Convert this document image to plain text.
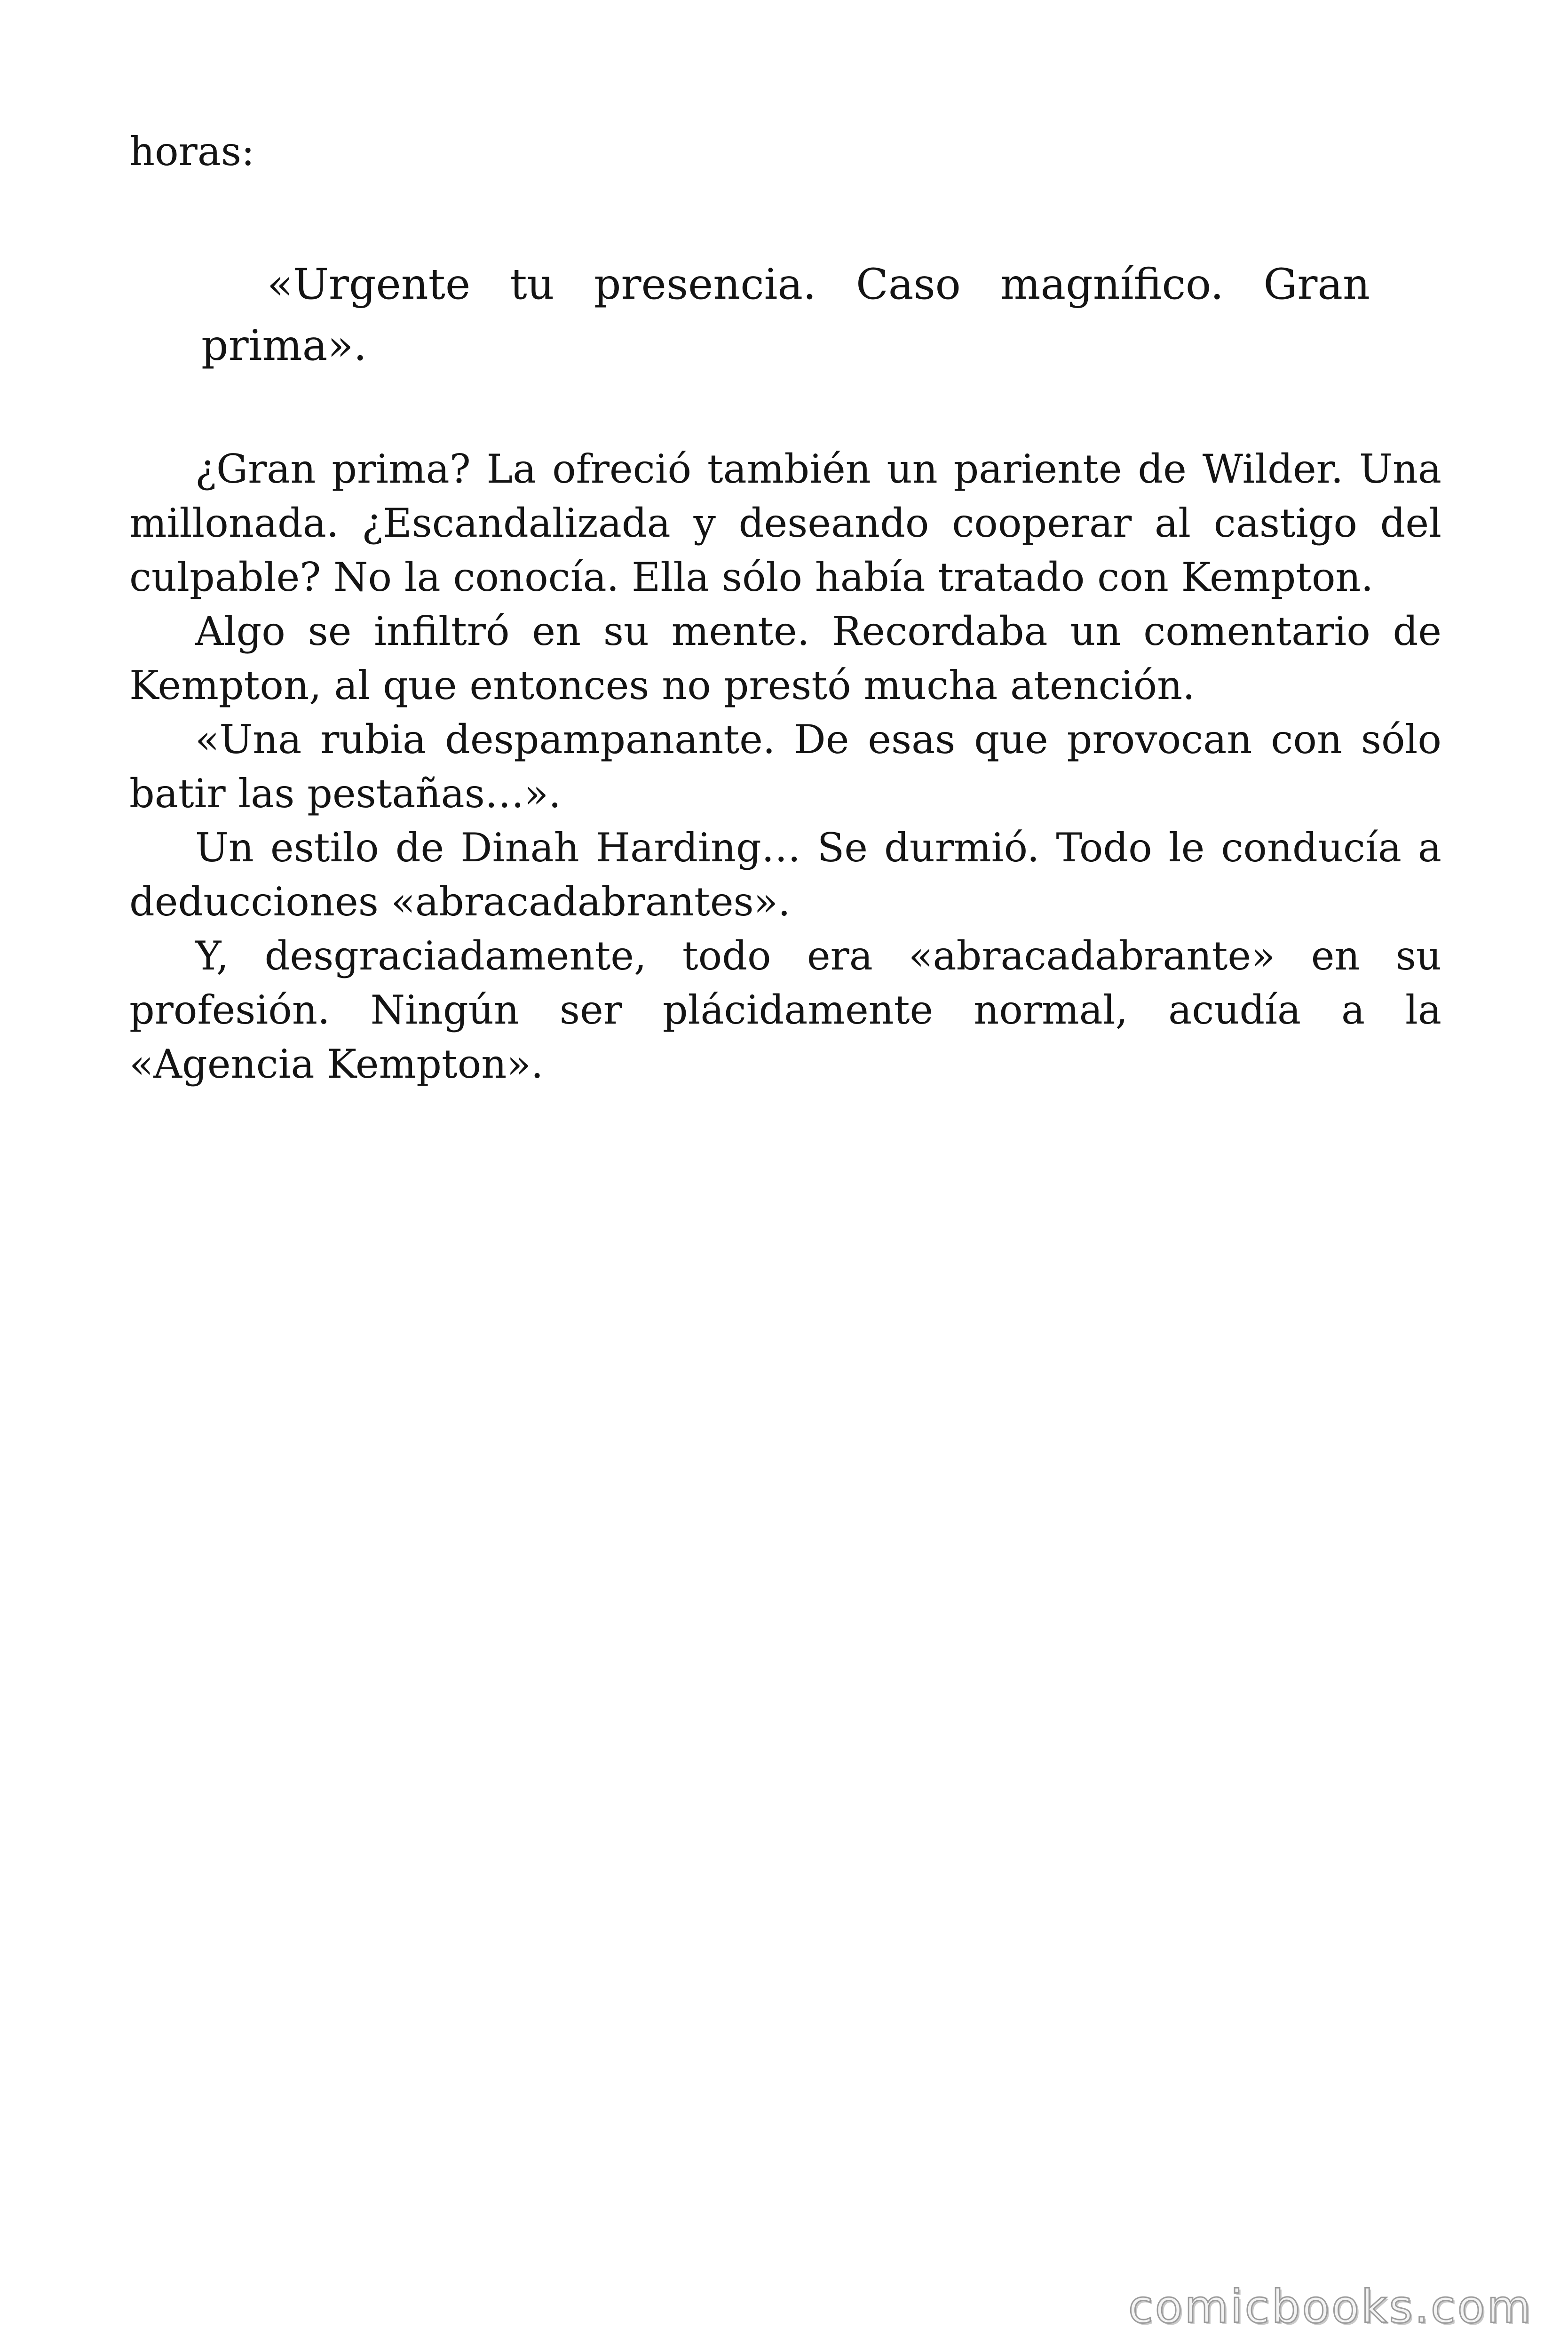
horas:
«Urgente tu presencia. Caso magnífico. Gran prima».

¿Gran prima? La ofreció también un pariente de Wilder. Una millonada. ¿Escandalizada y deseando cooperar al castigo del culpable? No la conocía. Ella sólo había tratado con Kempton.

Algo se infiltró en su mente. Recordaba un comentario de Kempton, al que entonces no prestó mucha atención.

«Una rubia despampanante. De esas que provocan con sólo batir las pestañas…».

Un estilo de Dinah Harding… Se durmió. Todo le conducía a deducciones «abracadabrantes».

Y, desgraciadamente, todo era «abracadabrante» en su profesión. Ningún ser plácidamente normal, acudía a la «Agencia Kempton».

comicbooks.com
